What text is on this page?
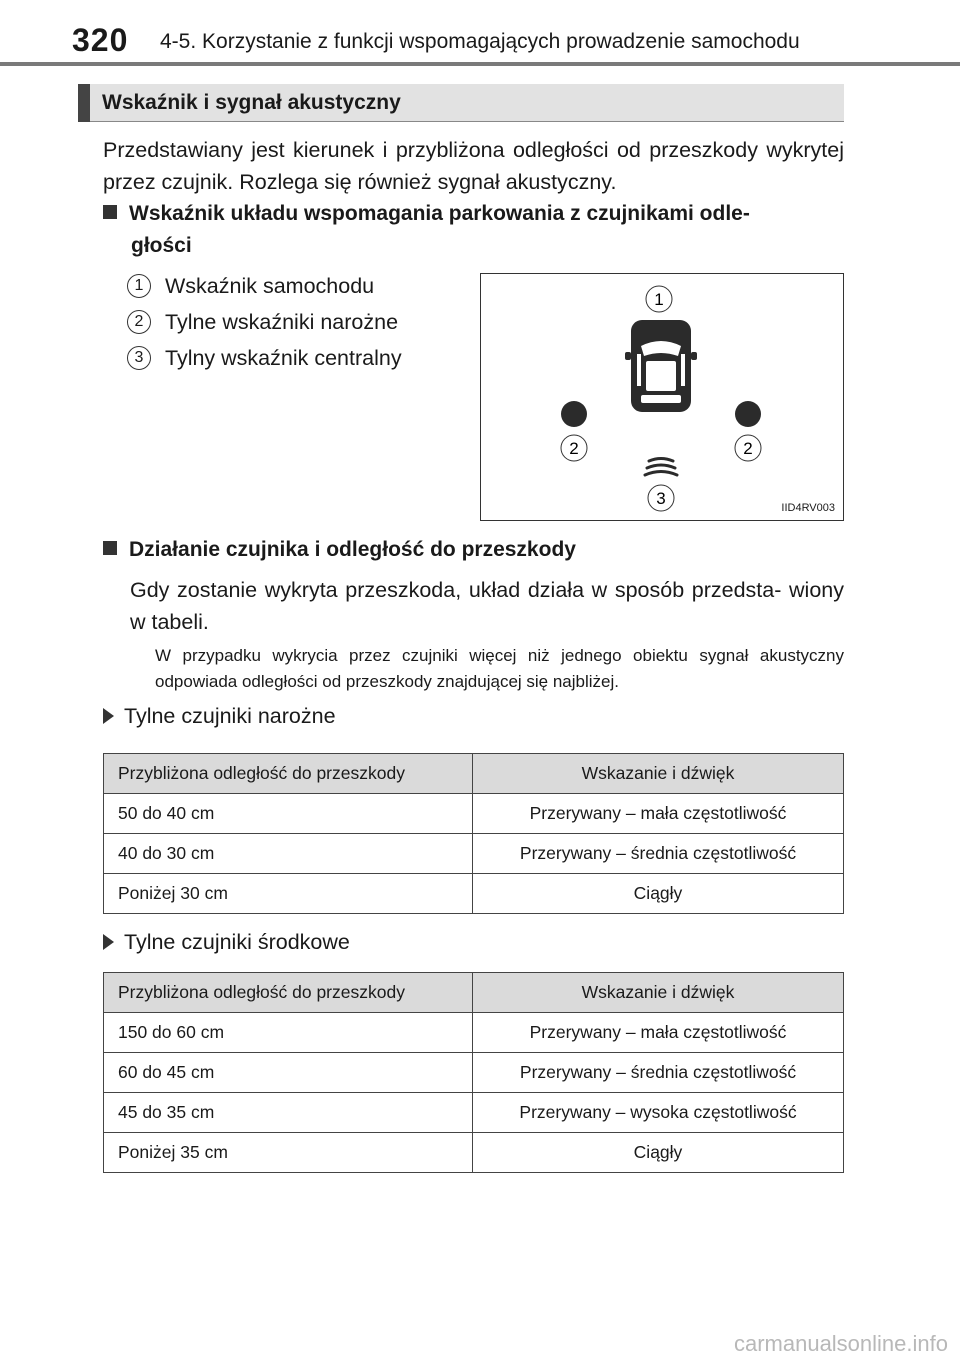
320 4-5. Korzystanie z funkcji wspomagających prowadzenie samochodu
Wskaźnik i sygnał akustyczny
Przedstawiany jest kierunek i przybliżona odległości od przeszkody wykrytej przez czujnik. Rozlega się również sygnał akustyczny.
Wskaźnik układu wspomagania parkowania z czujnikami odle-
głości
1	Wskaźnik samochodu
2	Tylne wskaźniki narożne
3	Tylny wskaźnik centralny
1
2	2
3	IID4RV003
Działanie czujnika i odległość do przeszkody
Gdy zostanie wykryta przeszkoda, układ działa w sposób przedsta- wiony w tabeli.
W przypadku wykrycia przez czujniki więcej niż jednego obiektu sygnał akustyczny odpowiada odległości od przeszkody znajdującej się najbliżej.
Tylne czujniki narożne
Przybliżona odległość do przeszkody	Wskazanie i dźwięk
50 do 40 cm	Przerywany – mała częstotliwość
40 do 30 cm	Przerywany – średnia częstotliwość
Poniżej 30 cm	Ciągły
Tylne czujniki środkowe
Przybliżona odległość do przeszkody	Wskazanie i dźwięk
150 do 60 cm	Przerywany – mała częstotliwość
60 do 45 cm	Przerywany – średnia częstotliwość
45 do 35 cm	Przerywany – wysoka częstotliwość
Poniżej 35 cm	Ciągły
carmanualsonline.info
